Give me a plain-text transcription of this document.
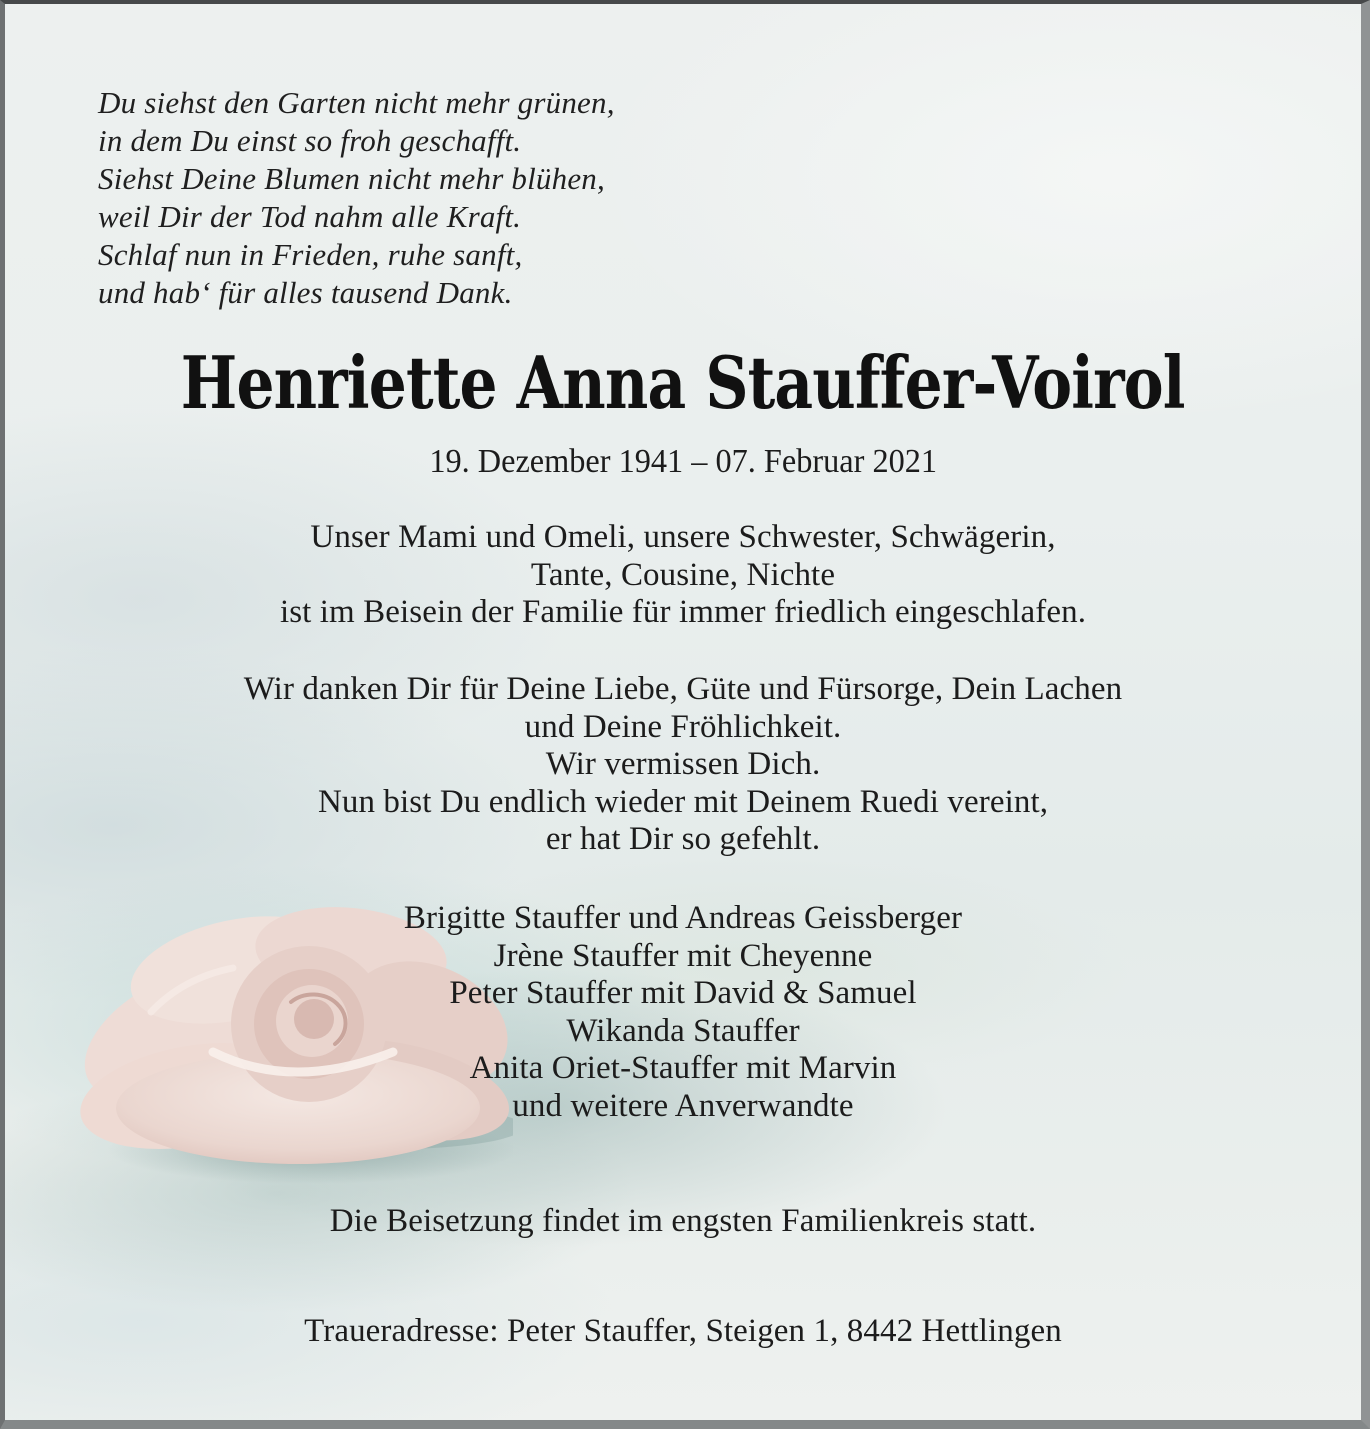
Du siehst den Garten nicht mehr grünen,
in dem Du einst so froh geschafft.
Siehst Deine Blumen nicht mehr blühen,
weil Dir der Tod nahm alle Kraft.
Schlaf nun in Frieden, ruhe sanft,
und hab‘ für alles tausend Dank.
Henriette Anna Stauffer-Voirol
19. Dezember 1941 – 07. Februar 2021
Unser Mami und Omeli, unsere Schwester, Schwägerin,
Tante, Cousine, Nichte
ist im Beisein der Familie für immer friedlich eingeschlafen.
Wir danken Dir für Deine Liebe, Güte und Fürsorge, Dein Lachen
und Deine Fröhlichkeit.
Wir vermissen Dich.
Nun bist Du endlich wieder mit Deinem Ruedi vereint,
er hat Dir so gefehlt.
Brigitte Stauffer und Andreas Geissberger
Jrène Stauffer mit Cheyenne
Peter Stauffer mit David & Samuel
Wikanda Stauffer
Anita Oriet-Stauffer mit Marvin
und weitere Anverwandte
Die Beisetzung findet im engsten Familienkreis statt.
Traueradresse: Peter Stauffer, Steigen 1, 8442 Hettlingen
